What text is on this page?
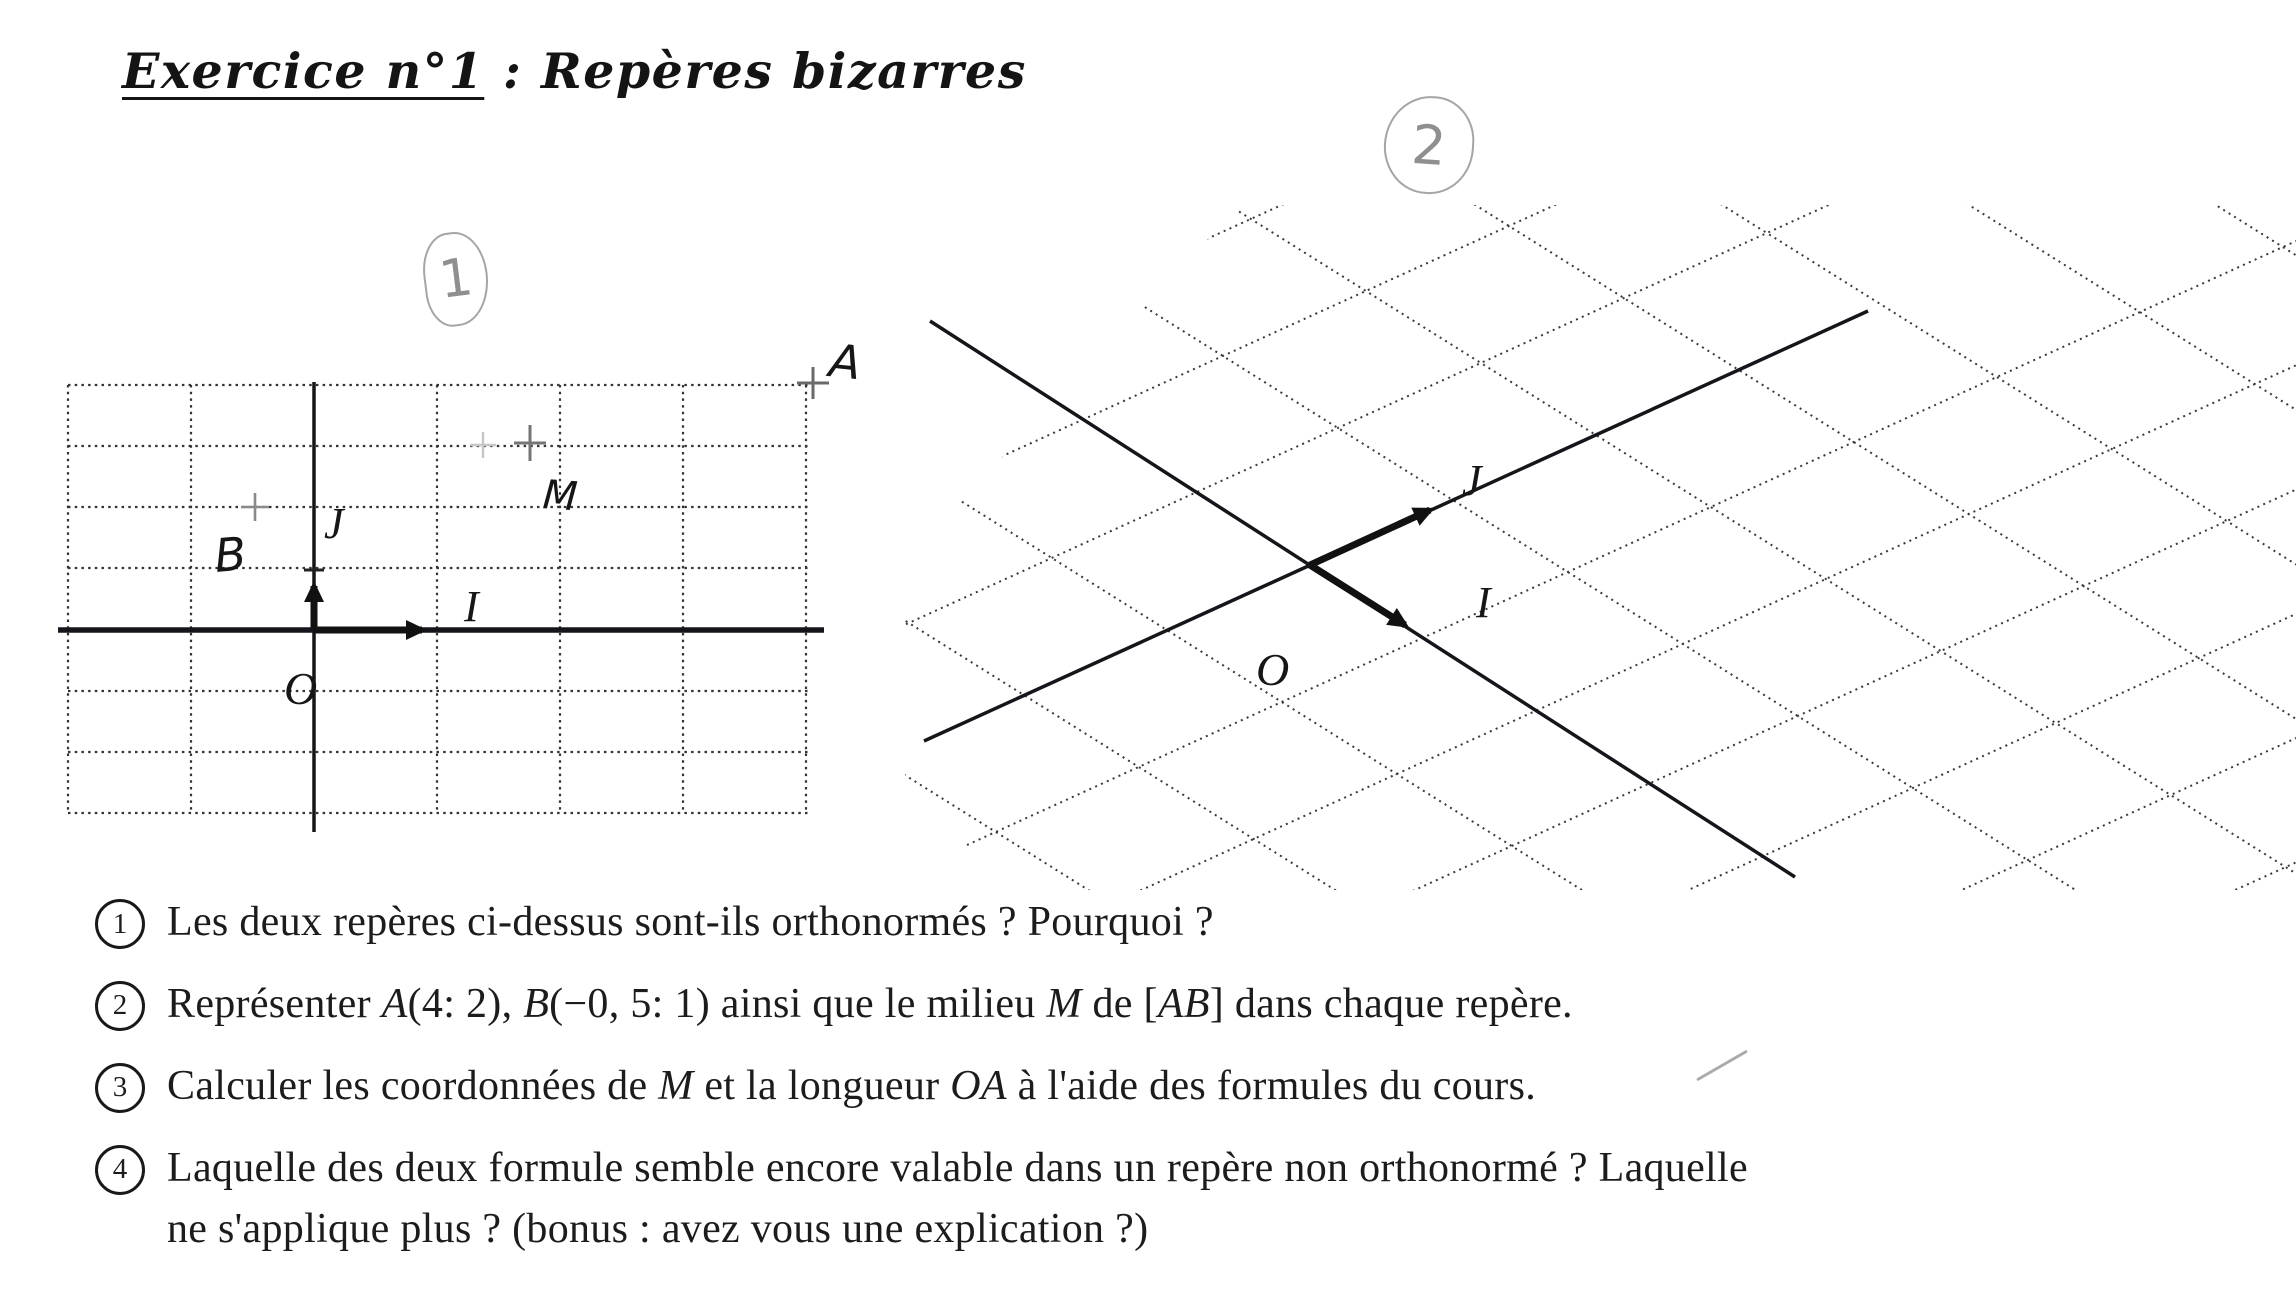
Exercice n°1 : Repères bizarres
1
2
J
I
O
B
M
A
J
I
O
1 Les deux repères ci-dessus sont-ils orthonormés ? Pourquoi ?

2 Représenter A(4: 2), B(−0, 5: 1) ainsi que le milieu M de [AB] dans chaque repère.

3 Calculer les coordonnées de M et la longueur OA à l'aide des formules du cours.

4 Laquelle des deux formule semble encore valable dans un repère non orthonormé ? Laquelle
ne s'applique plus ? (bonus : avez vous une explication ?)
